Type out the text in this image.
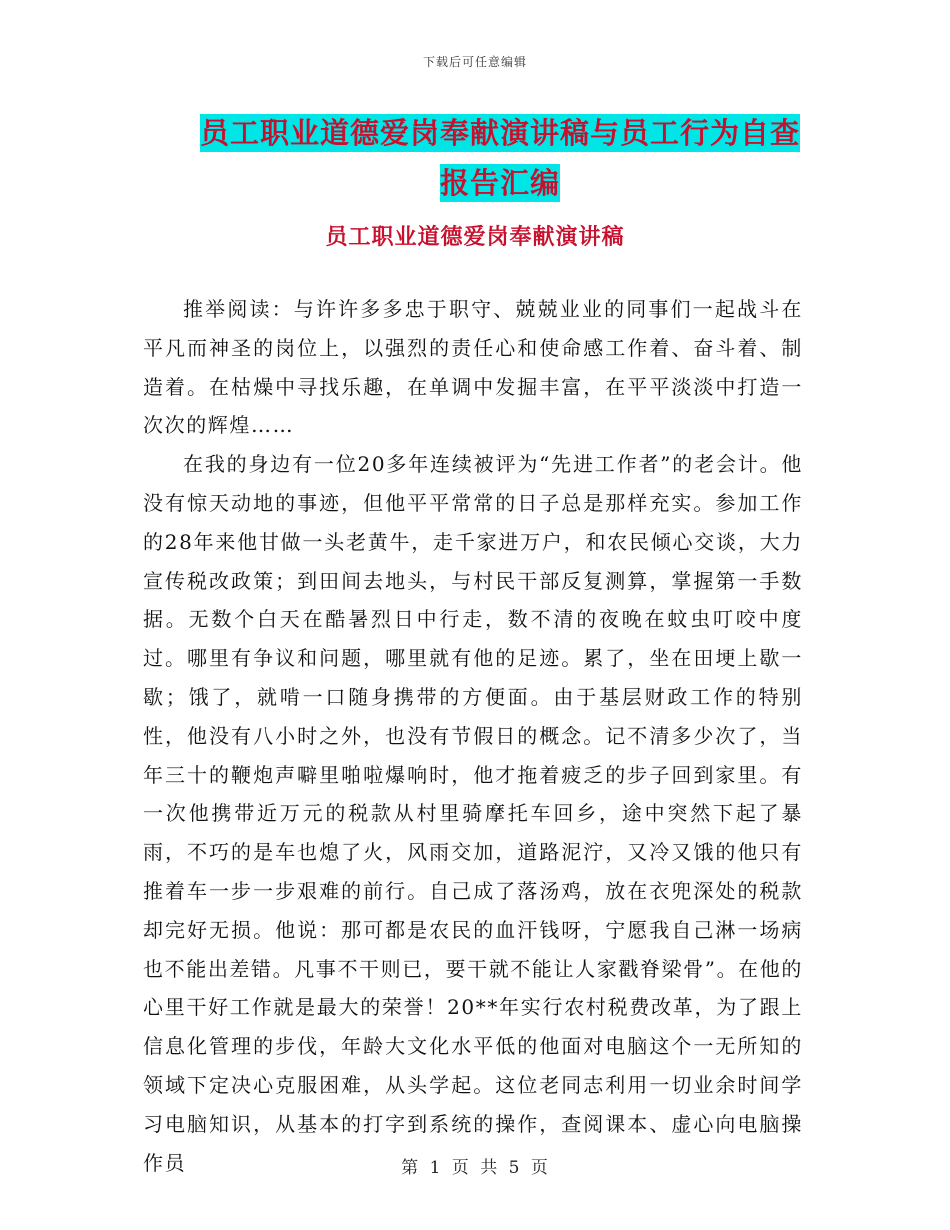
下载后可任意编辑
员工职业道德爱岗奉献演讲稿与员工行为自查报告汇编
员工职业道德爱岗奉献演讲稿

推举阅读：与许许多多忠于职守、兢兢业业的同事们一起战斗在平凡而神圣的岗位上，以强烈的责任心和使命感工作着、奋斗着、制造着。在枯燥中寻找乐趣，在单调中发掘丰富，在平平淡淡中打造一次次的辉煌……

在我的身边有一位20多年连续被评为“先进工作者”的老会计。他没有惊天动地的事迹，但他平平常常的日子总是那样充实。参加工作的28年来他甘做一头老黄牛，走千家进万户，和农民倾心交谈，大力宣传税改政策；到田间去地头，与村民干部反复测算，掌握第一手数据。无数个白天在酷暑烈日中行走，数不清的夜晚在蚊虫叮咬中度过。哪里有争议和问题，哪里就有他的足迹。累了，坐在田埂上歇一歇；饿了，就啃一口随身携带的方便面。由于基层财政工作的特别性，他没有八小时之外，也没有节假日的概念。记不清多少次了，当年三十的鞭炮声噼里啪啦爆响时，他才拖着疲乏的步子回到家里。有一次他携带近万元的税款从村里骑摩托车回乡，途中突然下起了暴雨，不巧的是车也熄了火，风雨交加，道路泥泞，又冷又饿的他只有推着车一步一步艰难的前行。自己成了落汤鸡，放在衣兜深处的税款却完好无损。他说：那可都是农民的血汗钱呀，宁愿我自己淋一场病也不能出差错。凡事不干则已，要干就不能让人家戳脊梁骨”。在他的心里干好工作就是最大的荣誉！20**年实行农村税费改革，为了跟上信息化管理的步伐，年龄大文化水平低的他面对电脑这个一无所知的领域下定决心克服困难，从头学起。这位老同志利用一切业余时间学习电脑知识，从基本的打字到系统的操作，查阅课本、虚心向电脑操作员	第 1 页 共 5 页
